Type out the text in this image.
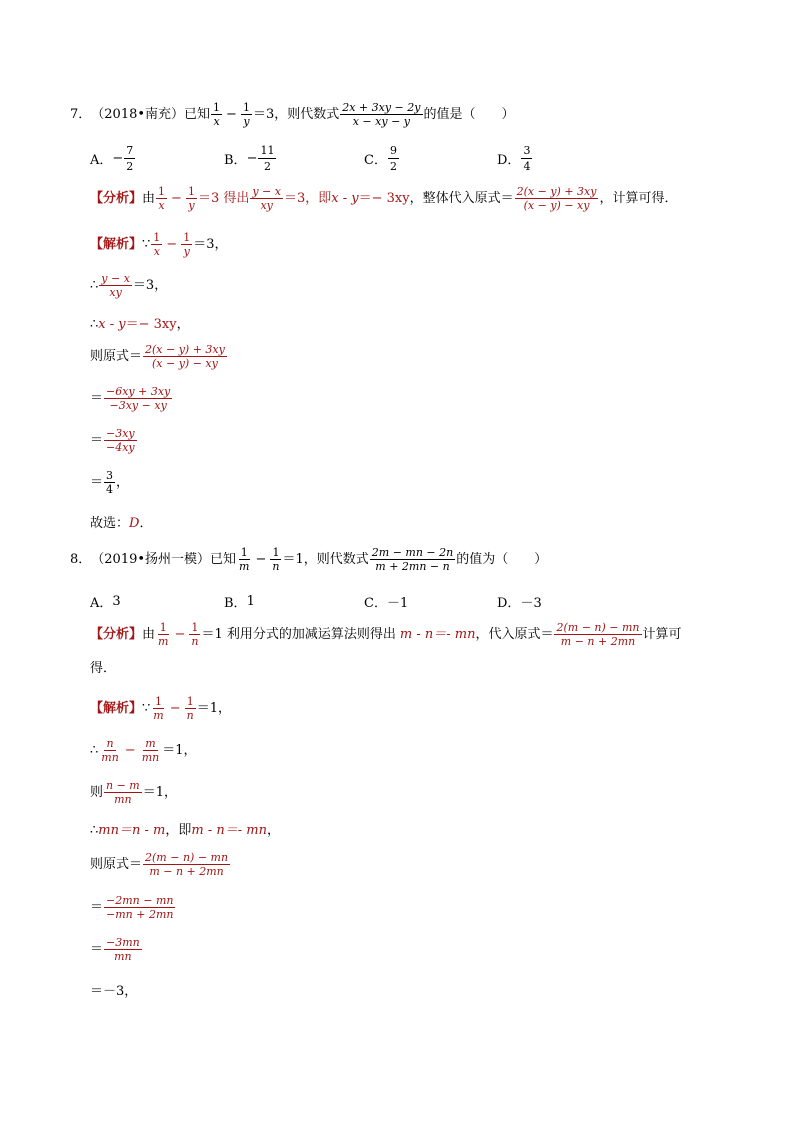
7． （2018•南充）已知 $\frac{1}{x} - \frac{1}{y} =3$，则代数式 $\frac{2x + 3xy - 2y}{x - xy - y}$ 的值是（　　）
A． − $\frac{7}{2}$	B． − $\frac{11}{2}$	C． $\frac{9}{2}$	D． $\frac{3}{4}$
【分析】 由 $\frac{1}{x} - \frac{1}{y} =3$ 得出 $\frac{y - x}{xy} =3$，即 x - y ＝− 3xy ，整体代入原式＝ $\frac{2(x - y) + 3xy}{(x - y) - xy}$ ，计算可得．
【解析】 ∵ $\frac{1}{x} - \frac{1}{y} =3$，
∴ $\frac{y - x}{xy} =3$，
∴ x - y ＝− 3xy ，
则原式＝ $\frac{2(x - y) + 3xy}{(x - y) - xy}$
＝ $\frac{-6xy + 3xy}{-3xy - xy}$
＝ $\frac{-3xy}{-4xy}$
＝ $\frac{3}{4}$ ，
故选： D ．
8． （2019•扬州一模）已知 $\frac{1}{m} - \frac{1}{n} =1$，则代数式 $\frac{2m - mn - 2n}{m + 2mn - n}$ 的值为（　　）
A． 3	B． 1	C． －1	D． －3
【分析】 由 $\frac{1}{m} - \frac{1}{n} =1$ 利用分式的加减运算法则得出 m - n＝- mn ，代入原式＝ $\frac{2(m - n) - mn}{m - n + 2mn}$ 计算可
得．
【解析】 ∵ $\frac{1}{m} - \frac{1}{n} =1$，
∴ $\frac{n}{mn} - \frac{m}{mn} =1$，
则 $\frac{n - m}{mn} =1$，
∴ mn＝n - m ，即 m - n＝- mn ，
则原式＝ $\frac{2(m - n) - mn}{m - n + 2mn}$
＝ $\frac{-2mn - mn}{-mn + 2mn}$
＝ $\frac{-3mn}{mn}$
＝－3，
